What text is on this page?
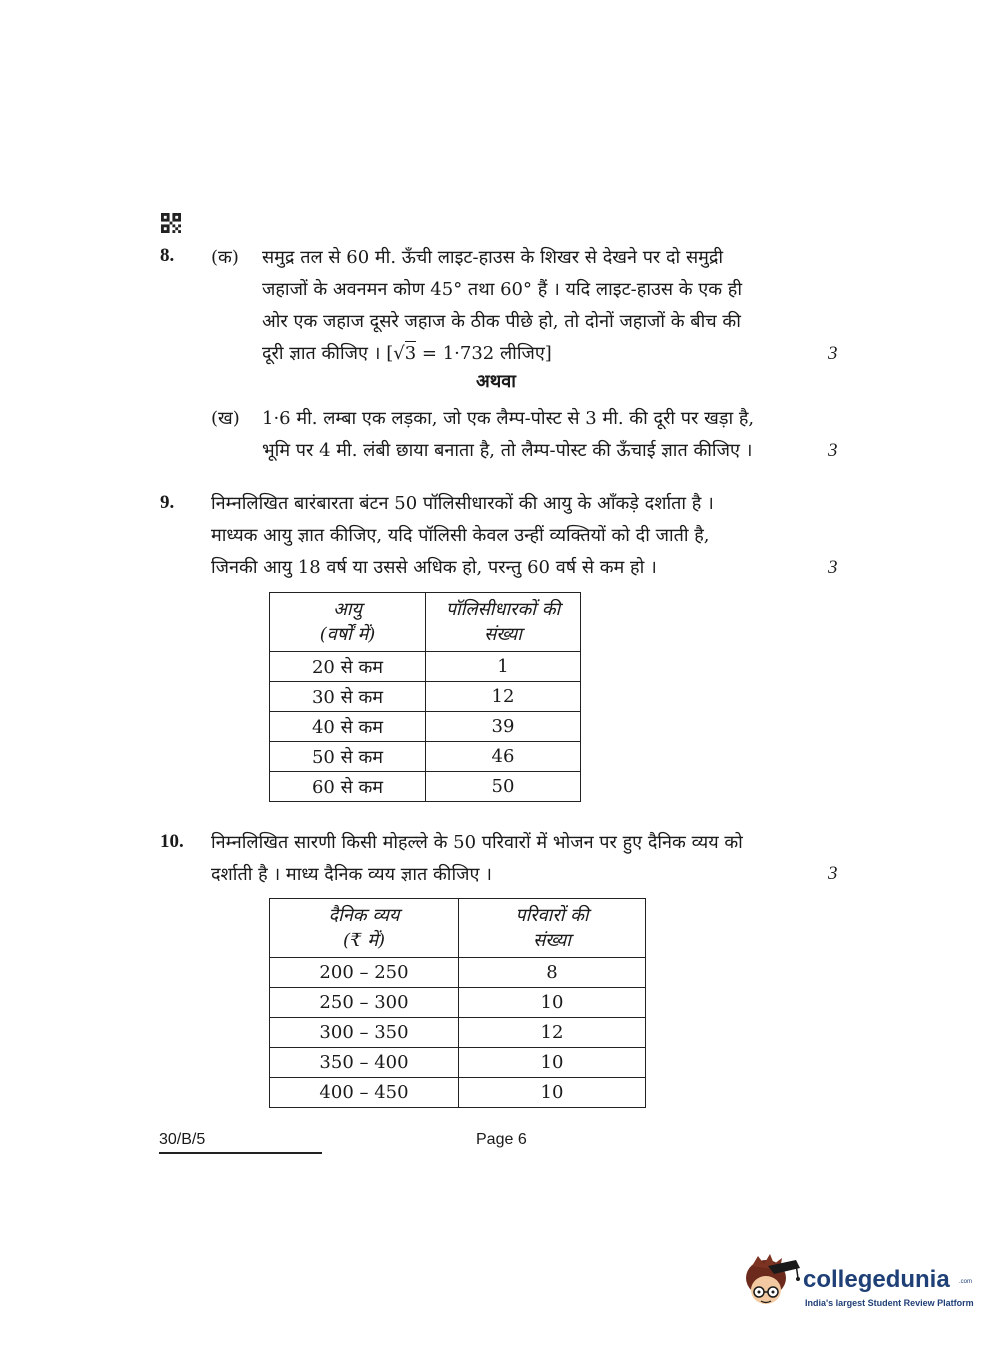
8. (क) समुद्र तल से 60 मी. ऊँची लाइट-हाउस के शिखर से देखने पर दो समुद्री
जहाजों के अवनमन कोण 45° तथा 60° हैं । यदि लाइट-हाउस के एक ही
ओर एक जहाज दूसरे जहाज के ठीक पीछे हो, तो दोनों जहाजों के बीच की
दूरी ज्ञात कीजिए । [√3 = 1·732 लीजिए]	3
अथवा
(ख) 1·6 मी. लम्बा एक लड़का, जो एक लैम्प-पोस्ट से 3 मी. की दूरी पर खड़ा है,
भूमि पर 4 मी. लंबी छाया बनाता है, तो लैम्प-पोस्ट की ऊँचाई ज्ञात कीजिए ।	3
9. निम्नलिखित बारंबारता बंटन 50 पॉलिसीधारकों की आयु के आँकड़े दर्शाता है ।
माध्यक आयु ज्ञात कीजिए, यदि पॉलिसी केवल उन्हीं व्यक्तियों को दी जाती है,
जिनकी आयु 18 वर्ष या उससे अधिक हो, परन्तु 60 वर्ष से कम हो ।	3
आयु
(वर्षों में)	पॉलिसीधारकों की
संख्या
20 से कम	1
30 से कम	12
40 से कम	39
50 से कम	46
60 से कम	50
10. निम्नलिखित सारणी किसी मोहल्ले के 50 परिवारों में भोजन पर हुए दैनिक व्यय को
दर्शाती है । माध्य दैनिक व्यय ज्ञात कीजिए ।	3
दैनिक व्यय
(₹ में)	परिवारों की
संख्या
200 – 250	8
250 – 300	10
300 – 350	12
350 – 400	10
400 – 450	10
30/B/5	Page 6
collegedunia .com
India's largest Student Review Platform
